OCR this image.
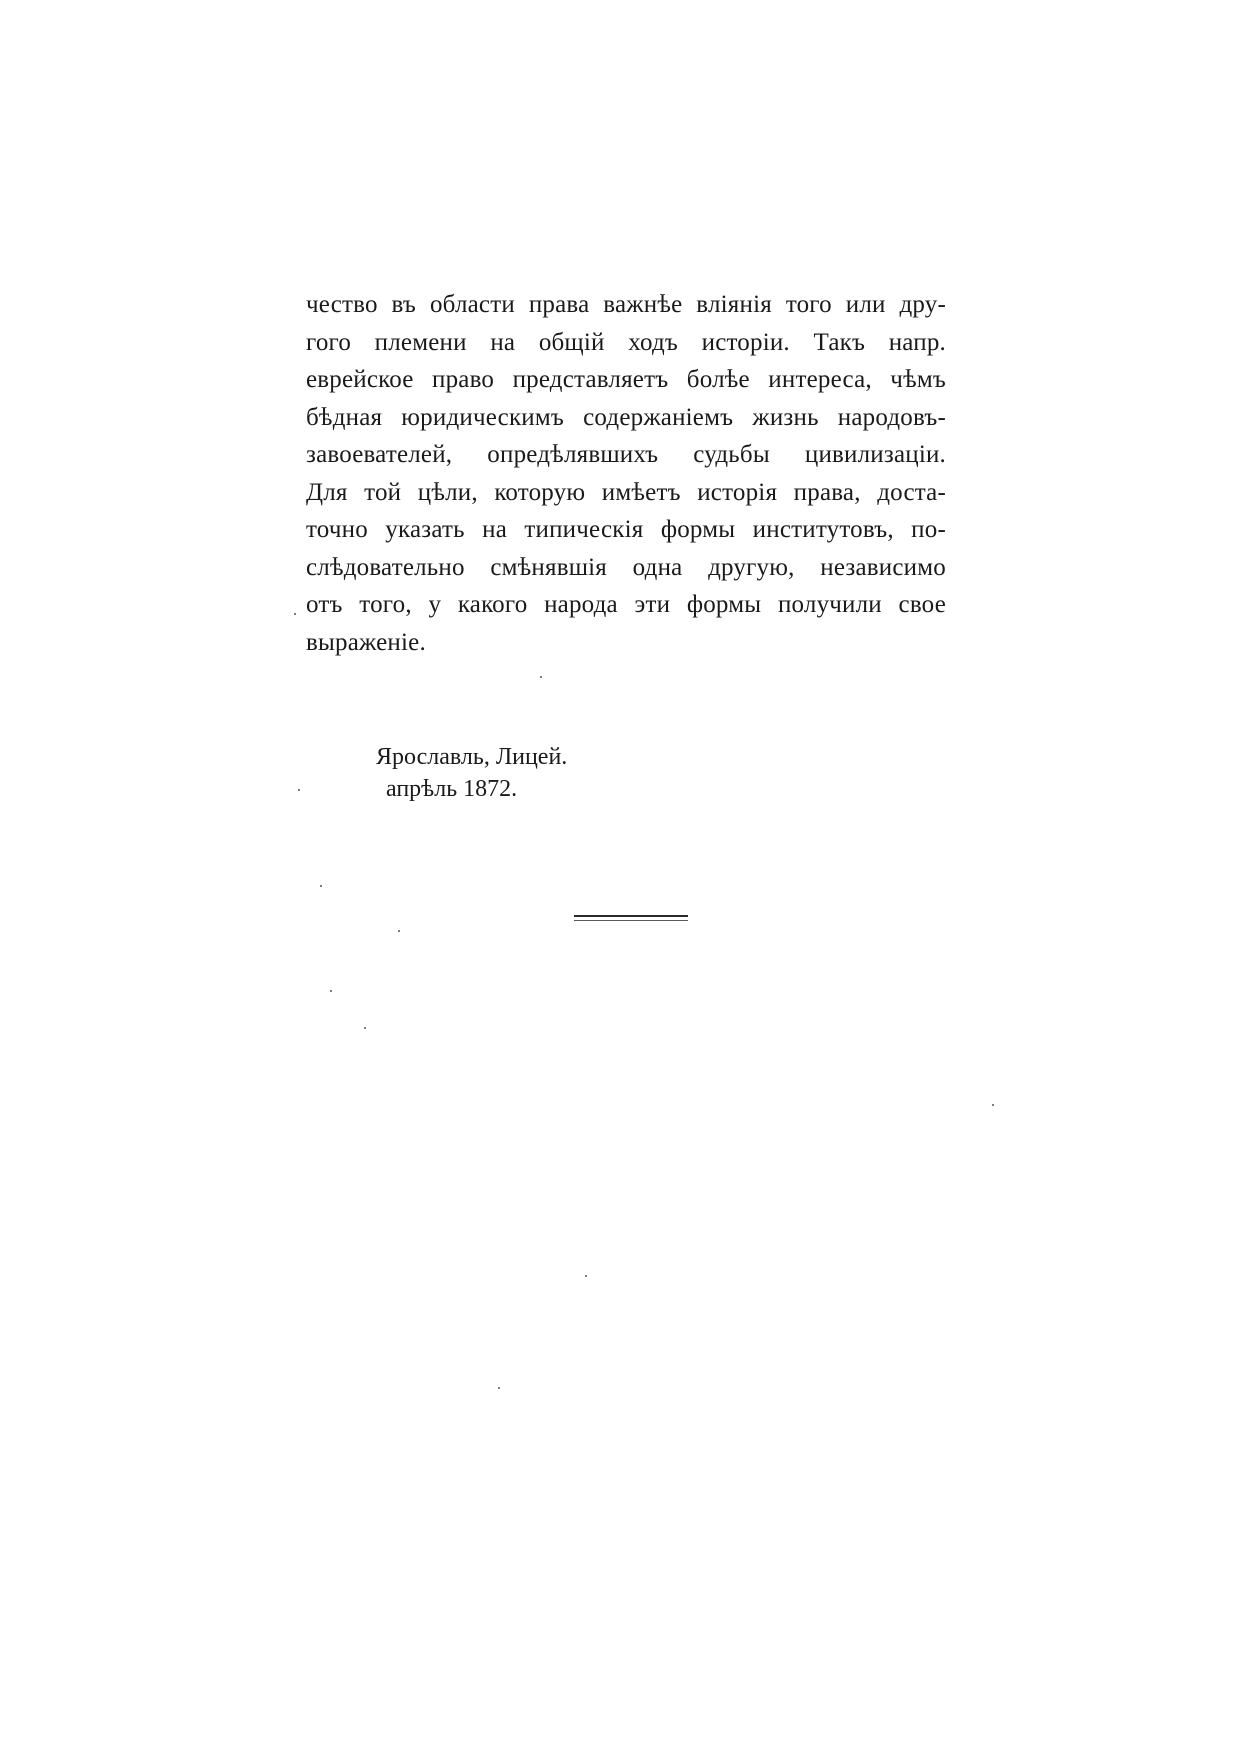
чество въ области права важнѣе вліянія того или дру-
гого племени на общій ходъ исторіи. Такъ напр.
еврейское право представляетъ болѣе интереса, чѣмъ
бѣдная юридическимъ содержаніемъ жизнь народовъ-
завоевателей, опредѣлявшихъ судьбы цивилизаціи.
Для той цѣли, которую имѣетъ исторія права, доста-
точно указать на типическія формы институтовъ, по-
слѣдовательно смѣнявшія одна другую, независимо
отъ того, у какого народа эти формы получили свое
выраженіе.
Ярославль, Лицей.
апрѣль 1872.
